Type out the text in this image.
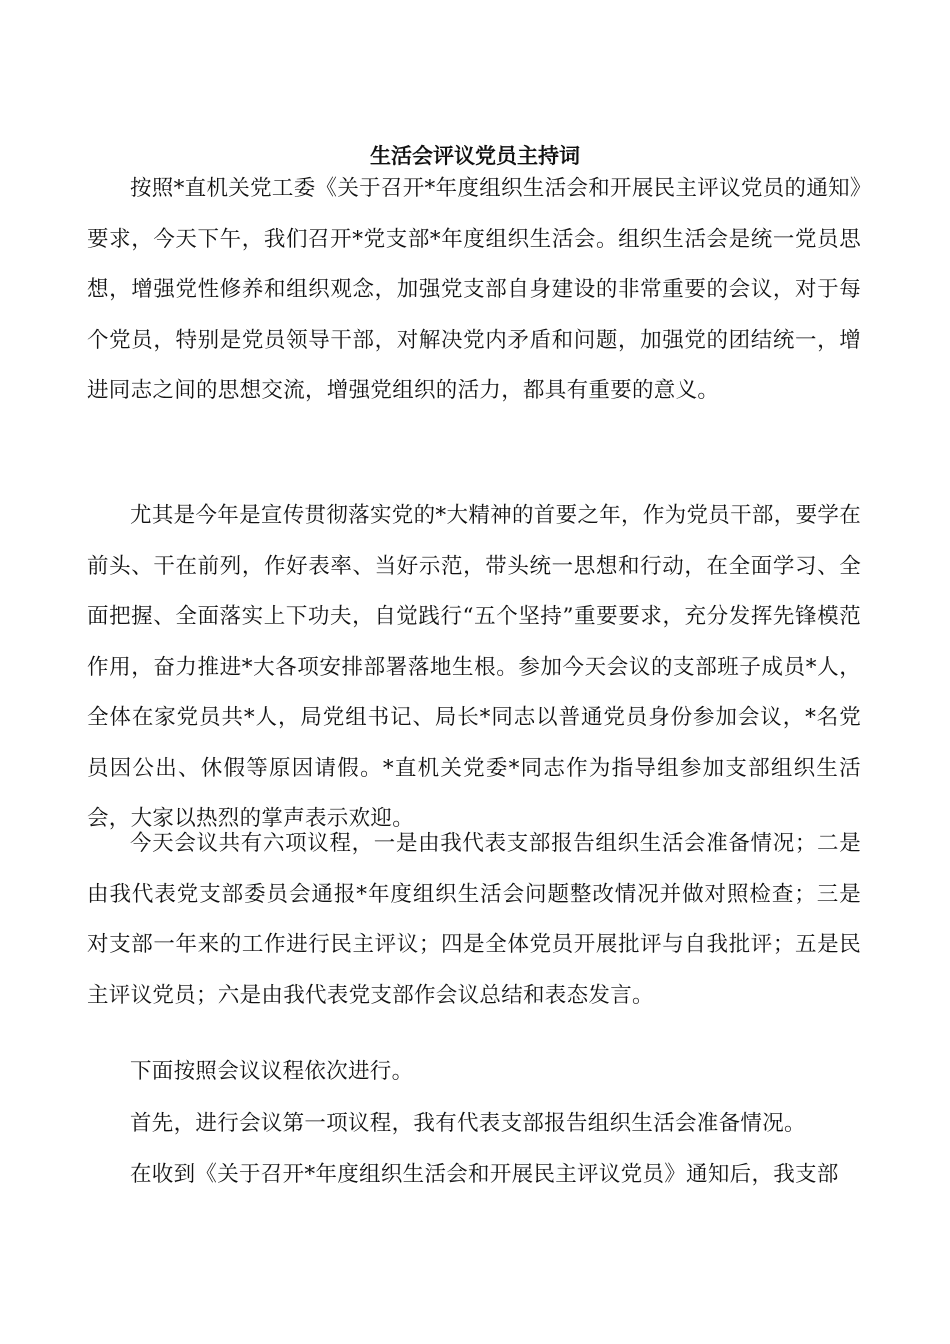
生活会评议党员主持词

按照*直机关党工委《关于召开*年度组织生活会和开展民主评议党员的通知》要求，今天下午，我们召开*党支部*年度组织生活会。组织生活会是统一党员思想，增强党性修养和组织观念，加强党支部自身建设的非常重要的会议，对于每个党员，特别是党员领导干部，对解决党内矛盾和问题，加强党的团结统一，增进同志之间的思想交流，增强党组织的活力，都具有重要的意义。

尤其是今年是宣传贯彻落实党的*大精神的首要之年，作为党员干部，要学在前头、干在前列，作好表率、当好示范，带头统一思想和行动，在全面学习、全面把握、全面落实上下功夫，自觉践行“五个坚持”重要要求，充分发挥先锋模范作用，奋力推进*大各项安排部署落地生根。参加今天会议的支部班子成员*人，全体在家党员共*人，局党组书记、局长*同志以普通党员身份参加会议，*名党员因公出、休假等原因请假。*直机关党委*同志作为指导组参加支部组织生活会，大家以热烈的掌声表示欢迎。

今天会议共有六项议程，一是由我代表支部报告组织生活会准备情况；二是由我代表党支部委员会通报*年度组织生活会问题整改情况并做对照检查；三是对支部一年来的工作进行民主评议；四是全体党员开展批评与自我批评；五是民主评议党员；六是由我代表党支部作会议总结和表态发言。

下面按照会议议程依次进行。

首先，进行会议第一项议程，我有代表支部报告组织生活会准备情况。

在收到《关于召开*年度组织生活会和开展民主评议党员》通知后，我支部
